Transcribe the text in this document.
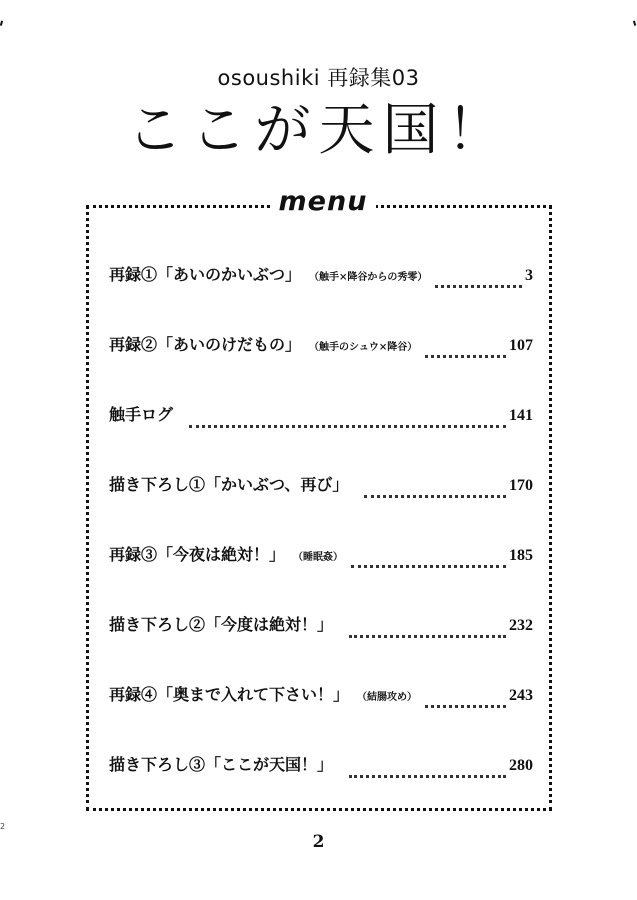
osoushiki 再録集03
ここが天国！
menu
再録①「あいのかいぶつ」 （触手×降谷からの秀零）	3
再録②「あいのけだもの」 （触手のシュウ×降谷）	107
触手ログ	141
描き下ろし①「かいぶつ、再び」	170
再録③「今夜は絶対！」 （睡眠姦）	185
描き下ろし②「今度は絶対！」	232
再録④「奥まで入れて下さい！」 （結腸攻め）	243
描き下ろし③「ここが天国！」	280
2
2
